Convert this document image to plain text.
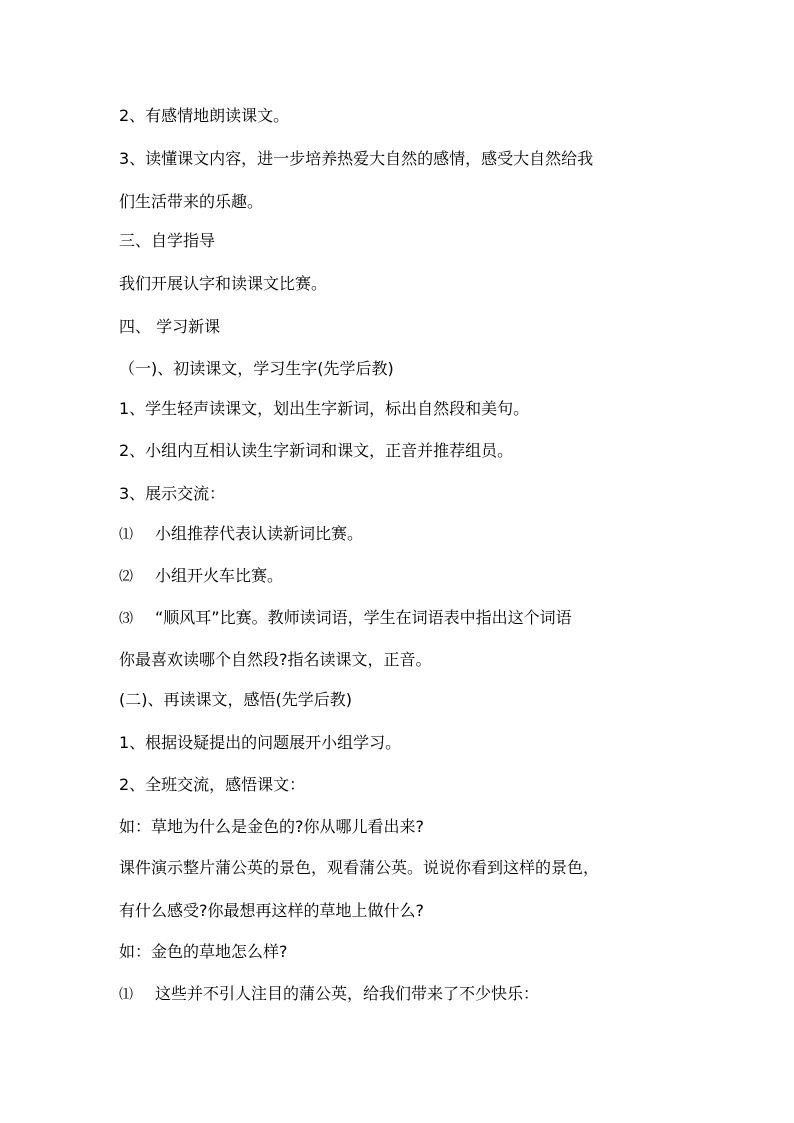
2、有感情地朗读课文。
3、读懂课文内容，进一步培养热爱大自然的感情，感受大自然给我
们生活带来的乐趣。
三、自学指导
我们开展认字和读课文比赛。
四、 学习新课
（一)、初读课文，学习生字(先学后教)
1、学生轻声读课文，划出生字新词，标出自然段和美句。
2、小组内互相认读生字新词和课文，正音并推荐组员。
3、展示交流：
⑴ 小组推荐代表认读新词比赛。
⑵ 小组开火车比赛。
⑶ “顺风耳”比赛。教师读词语，学生在词语表中指出这个词语
你最喜欢读哪个自然段?指名读课文，正音。
(二)、再读课文，感悟(先学后教)
1、根据设疑提出的问题展开小组学习。
2、全班交流，感悟课文：
如：草地为什么是金色的?你从哪儿看出来?
课件演示整片蒲公英的景色，观看蒲公英。说说你看到这样的景色，
有什么感受?你最想再这样的草地上做什么?
如：金色的草地怎么样?
⑴ 这些并不引人注目的蒲公英，给我们带来了不少快乐：
